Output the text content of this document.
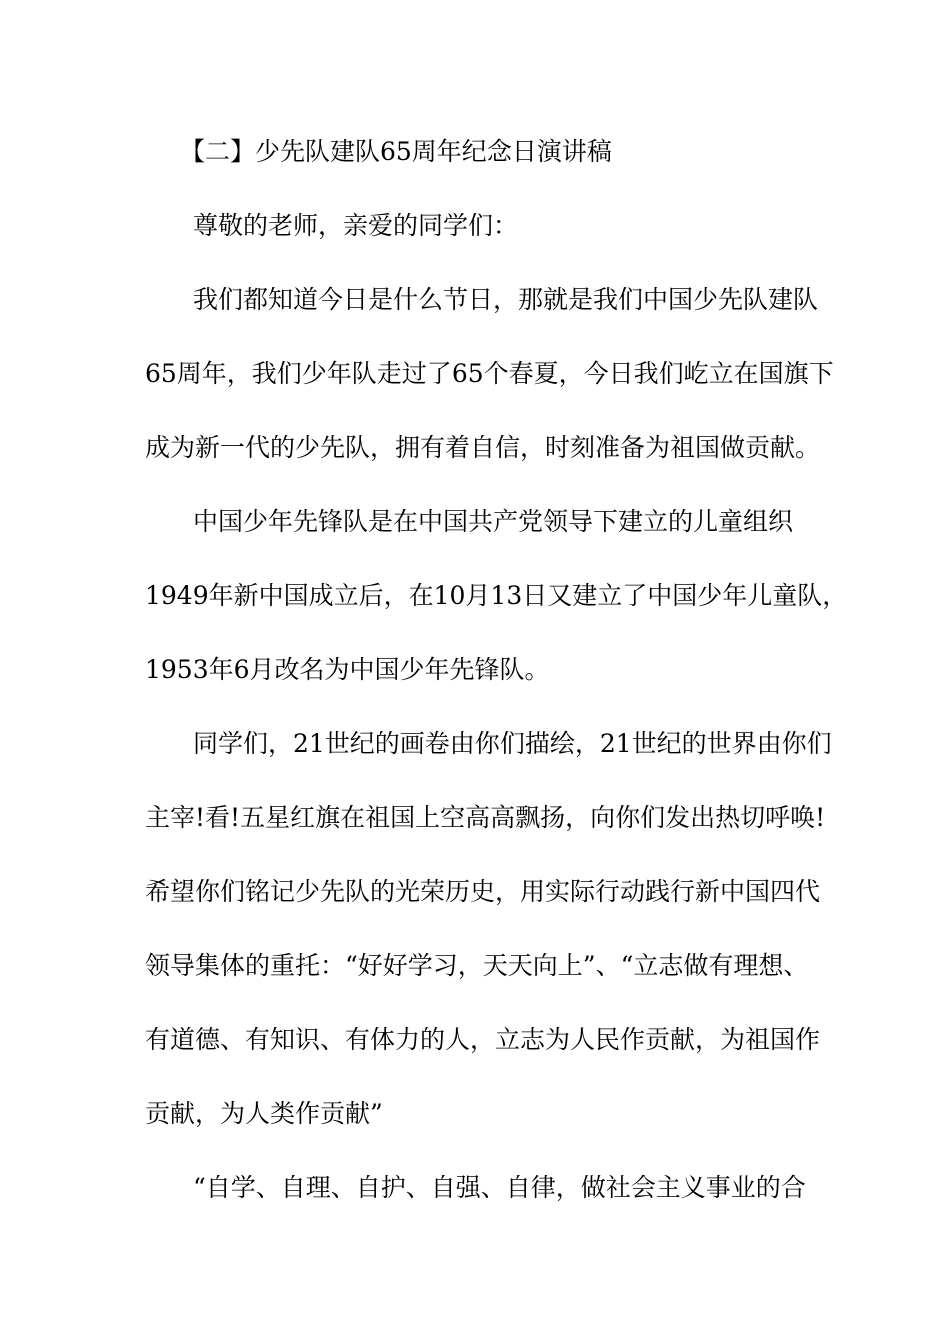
【二】少先队建队65周年纪念日演讲稿
尊敬的老师，亲爱的同学们：
我们都知道今日是什么节日，那就是我们中国少先队建队
65周年，我们少年队走过了65个春夏，今日我们屹立在国旗下
成为新一代的少先队，拥有着自信，时刻准备为祖国做贡献。
中国少年先锋队是在中国共产党领导下建立的儿童组织
1949年新中国成立后，在10月13日又建立了中国少年儿童队，
1953年6月改名为中国少年先锋队。
同学们，21世纪的画卷由你们描绘，21世纪的世界由你们
主宰!看!五星红旗在祖国上空高高飘扬，向你们发出热切呼唤!
希望你们铭记少先队的光荣历史，用实际行动践行新中国四代
领导集体的重托：“好好学习，天天向上”、“立志做有理想、
有道德、有知识、有体力的人，立志为人民作贡献，为祖国作
贡献，为人类作贡献”
“自学、自理、自护、自强、自律，做社会主义事业的合
